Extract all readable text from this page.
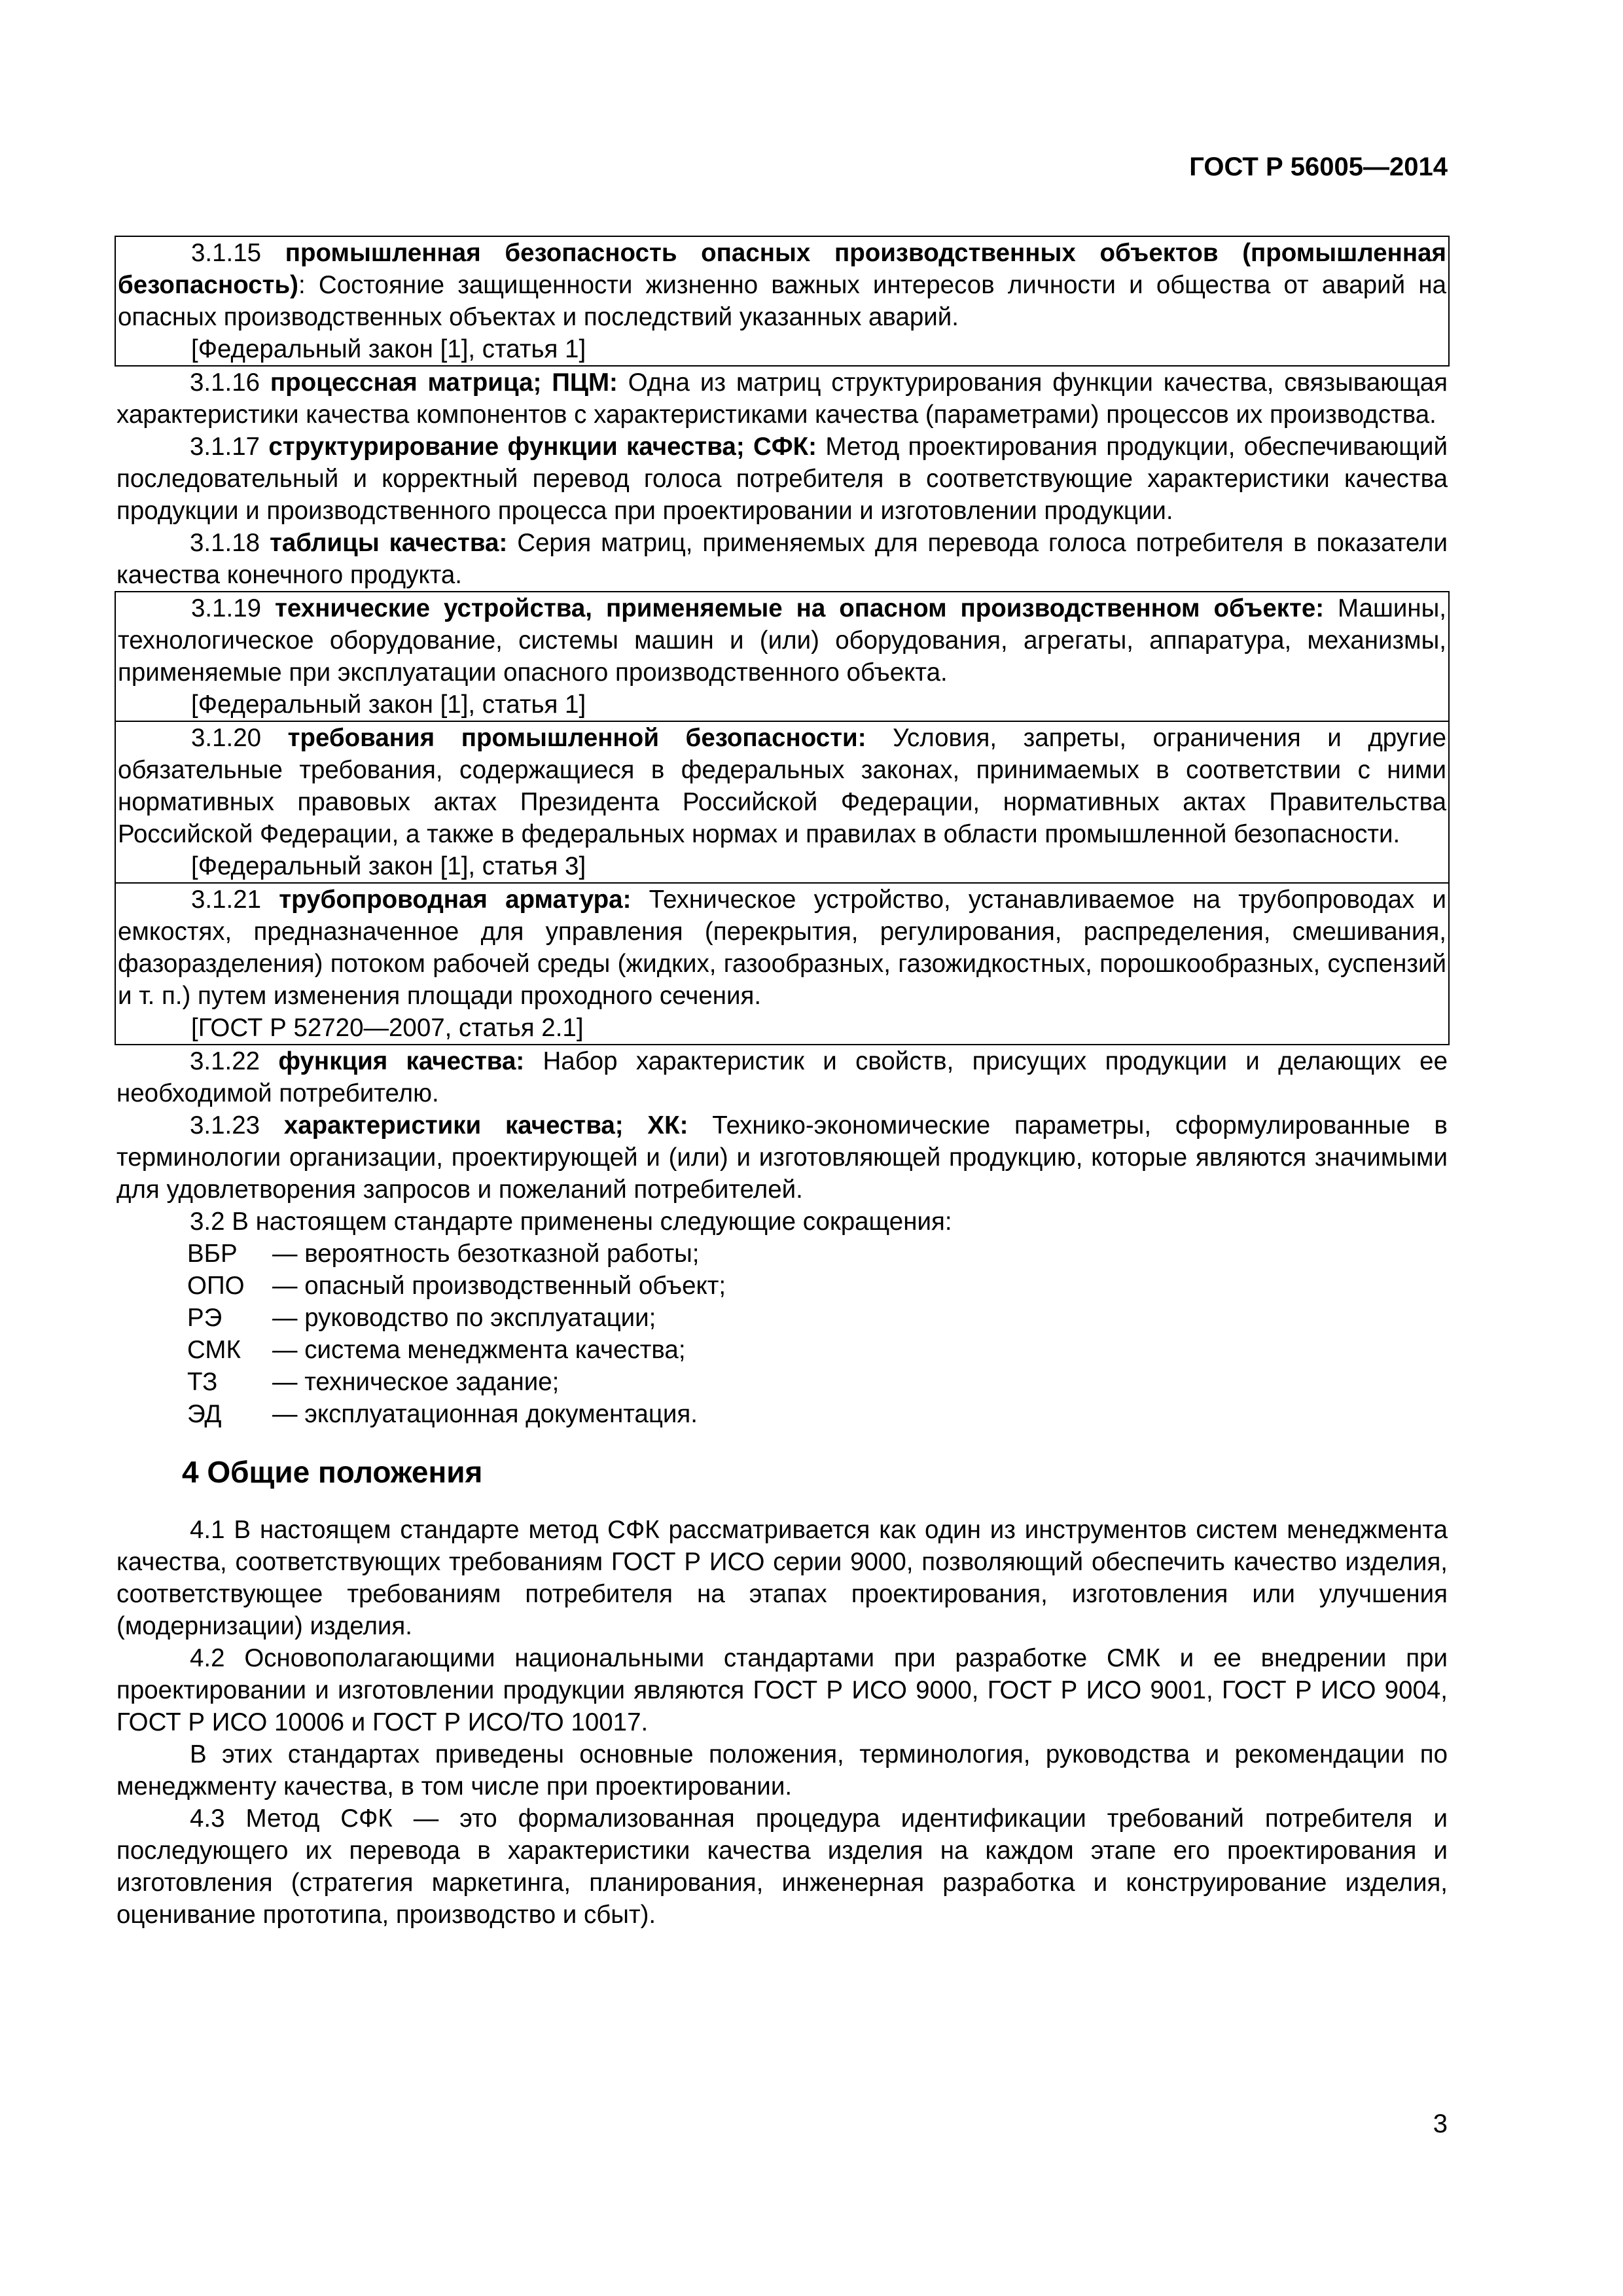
ГОСТ Р 56005—2014

3.1.15 промышленная безопасность опасных производственных объектов (промышленная безопасность): Состояние защищенности жизненно важных интересов личности и общества от аварий на опасных производственных объектах и последствий указанных аварий.

[Федеральный закон [1], статья 1]

3.1.16 процессная матрица; ПЦМ: Одна из матриц структурирования функции качества, связывающая характеристики качества компонентов с характеристиками качества (параметрами) процессов их производства.

3.1.17 структурирование функции качества; СФК: Метод проектирования продукции, обеспечивающий последовательный и корректный перевод голоса потребителя в соответствующие характеристики качества продукции и производственного процесса при проектировании и изготовлении продукции.

3.1.18 таблицы качества: Серия матриц, применяемых для перевода голоса потребителя в показатели качества конечного продукта.

3.1.19 технические устройства, применяемые на опасном производственном объекте: Машины, технологическое оборудование, системы машин и (или) оборудования, агрегаты, аппаратура, механизмы, применяемые при эксплуатации опасного производственного объекта.

[Федеральный закон [1], статья 1]

3.1.20 требования промышленной безопасности: Условия, запреты, ограничения и другие обязательные требования, содержащиеся в федеральных законах, принимаемых в соответствии с ними нормативных правовых актах Президента Российской Федерации, нормативных актах Правительства Российской Федерации, а также в федеральных нормах и правилах в области промышленной безопасности.

[Федеральный закон [1], статья 3]

3.1.21 трубопроводная арматура: Техническое устройство, устанавливаемое на трубопроводах и емкостях, предназначенное для управления (перекрытия, регулирования, распределения, смешивания, фазоразделения) потоком рабочей среды (жидких, газообразных, газожидкостных, порошкообразных, суспензий и т. п.) путем изменения площади проходного сечения.

[ГОСТ Р 52720—2007, статья 2.1]

3.1.22 функция качества: Набор характеристик и свойств, присущих продукции и делающих ее необходимой потребителю.

3.1.23 характеристики качества; ХК: Технико-экономические параметры, сформулированные в терминологии организации, проектирующей и (или) и изготовляющей продукцию, которые являются значимыми для удовлетворения запросов и пожеланий потребителей.

3.2 В настоящем стандарте применены следующие сокращения:

ВБР	— вероятность безотказной работы;
ОПО	— опасный производственный объект;
РЭ	— руководство по эксплуатации;
СМК	— система менеджмента качества;
ТЗ	— техническое задание;
ЭД	— эксплуатационная документация.
4 Общие положения

4.1 В настоящем стандарте метод СФК рассматривается как один из инструментов систем менеджмента качества, соответствующих требованиям ГОСТ Р ИСО серии 9000, позволяющий обеспечить качество изделия, соответствующее требованиям потребителя на этапах проектирования, изготовления или улучшения (модернизации) изделия.

4.2 Основополагающими национальными стандартами при разработке СМК и ее внедрении при проектировании и изготовлении продукции являются ГОСТ Р ИСО 9000, ГОСТ Р ИСО 9001, ГОСТ Р ИСО 9004, ГОСТ Р ИСО 10006 и ГОСТ Р ИСО/ТО 10017.

В этих стандартах приведены основные положения, терминология, руководства и рекомендации по менеджменту качества, в том числе при проектировании.

4.3 Метод СФК — это формализованная процедура идентификации требований потребителя и последующего их перевода в характеристики качества изделия на каждом этапе его проектирования и изготовления (стратегия маркетинга, планирования, инженерная разработка и конструирование изделия, оценивание прототипа, производство и сбыт).

3
